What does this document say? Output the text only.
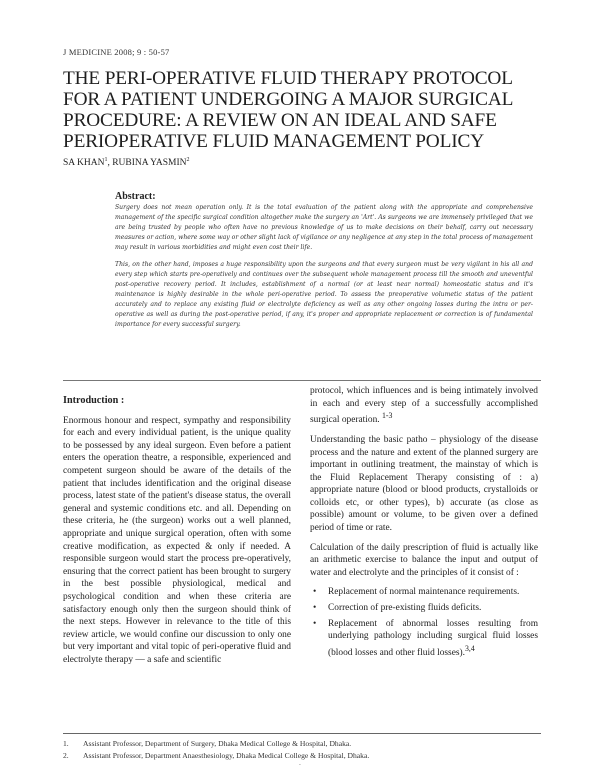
J MEDICINE 2008; 9 : 50-57
THE PERI-OPERATIVE FLUID THERAPY PROTOCOL
FOR A PATIENT UNDERGOING A MAJOR SURGICAL
PROCEDURE: A REVIEW ON AN IDEAL AND SAFE
PERIOPERATIVE FLUID MANAGEMENT POLICY
SA KHAN$^1$, RUBINA YASMIN$^2$
Abstract:

Surgery does not mean operation only. It is the total evaluation of the patient along with the appropriate and comprehensive management of the specific surgical condition altogether make the surgery an 'Art'. As surgeons we are immensely privileged that we are being trusted by people who often have no previous knowledge of us to make decisions on their behalf, carry out necessary measures or action, where some way or other slight lack of vigilance or any negligence at any step in the total process of management may result in various morbidities and might even cost their life.

This, on the other hand, imposes a huge responsibility upon the surgeons and that every surgeon must be very vigilant in his all and every step which starts pre-operatively and continues over the subsequent whole management process till the smooth and uneventful post-operative recovery period. It includes, establishment of a normal (or at least near normal) homeostatic status and it's maintenance is highly desirable in the whole peri-operative period. To assess the preoperative volumetic status of the patient accurately and to replace any existing fluid or electrolyte deficiency as well as any other ongoing losses during the intra or per-operative as well as during the post-operative period, if any, it's proper and appropriate replacement or correction is of fundamental importance for every successful surgery.

Introduction :

Enormous honour and respect, sympathy and responsibility for each and every individual patient, is the unique quality to be possessed by any ideal surgeon. Even before a patient enters the operation theatre, a responsible, experienced and competent surgeon should be aware of the details of the patient that includes identification and the original disease process, latest state of the patient's disease status, the overall general and systemic conditions etc. and all. Depending on these criteria, he (the surgeon) works out a well planned, appropriate and unique surgical operation, often with some creative modification, as expected & only if needed. A responsible surgeon would start the process pre-operatively, ensuring that the correct patient has been brought to surgery in the best possible physiological, medical and psychological condition and when these criteria are satisfactory enough only then the surgeon should think of the next steps. However in relevance to the title of this review article, we would confine our discussion to only one but very important and vital topic of peri-operative fluid and electrolyte therapy — a safe and scientific

protocol, which influences and is being intimately involved in each and every step of a successfully accomplished surgical operation. $^{1-3}$

Understanding the basic patho – physiology of the disease process and the nature and extent of the planned surgery are important in outlining treatment, the mainstay of which is the Fluid Replacement Therapy consisting of : a) appropriate nature (blood or blood products, crystalloids or colloids etc, or other types), b) accurate (as close as possible) amount or volume, to be given over a defined period of time or rate.

Calculation of the daily prescription of fluid is actually like an arithmetic exercise to balance the input and output of water and electrolyte and the principles of it consist of :

• Replacement of normal maintenance requirements.
• Correction of pre-existing fluids deficits.
• Replacement of abnormal losses resulting from underlying pathology including surgical fluid losses (blood losses and other fluid losses).$^{3,4}$
1.	Assistant Professor, Department of Surgery, Dhaka Medical College & Hospital, Dhaka.
2.	Assistant Professor, Department Anaesthesiology, Dhaka Medical College & Hospital, Dhaka.
.
